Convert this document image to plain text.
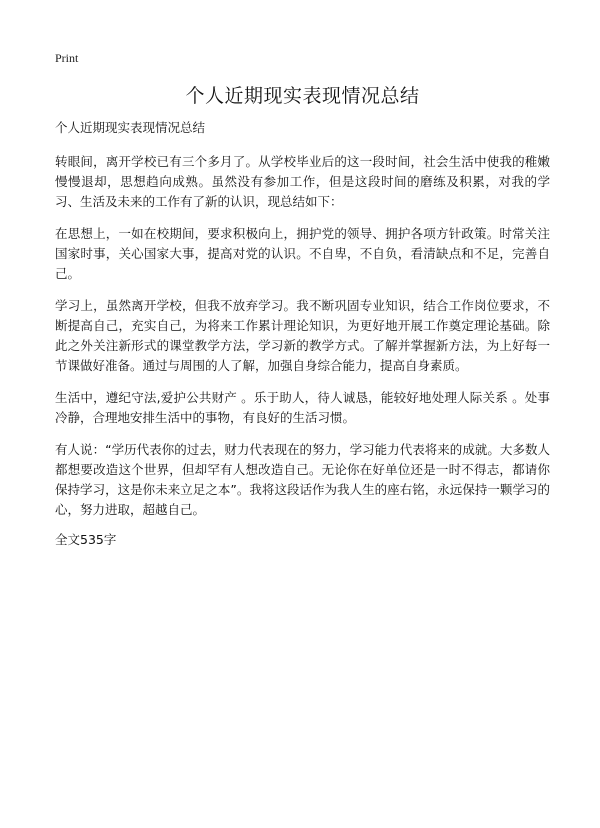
Print
个人近期现实表现情况总结
个人近期现实表现情况总结

转眼间，离开学校已有三个多月了。从学校毕业后的这一段时间，社会生活中使我的稚嫩慢慢退却，思想趋向成熟。虽然没有参加工作，但是这段时间的磨练及积累，对我的学习、生活及未来的工作有了新的认识，现总结如下：

在思想上，一如在校期间，要求积极向上，拥护党的领导、拥护各项方针政策。时常关注国家时事，关心国家大事，提高对党的认识。不自卑，不自负，看清缺点和不足，完善自己。

学习上，虽然离开学校，但我不放弃学习。我不断巩固专业知识，结合工作岗位要求，不断提高自己，充实自己，为将来工作累计理论知识，为更好地开展工作奠定理论基础。除此之外关注新形式的课堂教学方法，学习新的教学方式。了解并掌握新方法，为上好每一节课做好准备。通过与周围的人了解，加强自身综合能力，提高自身素质。

生活中，遵纪守法,爱护公共财产 。乐于助人，待人诚恳，能较好地处理人际关系 。处事冷静，合理地安排生活中的事物，有良好的生活习惯。

有人说：“学历代表你的过去，财力代表现在的努力，学习能力代表将来的成就。大多数人都想要改造这个世界，但却罕有人想改造自己。无论你在好单位还是一时不得志，都请你保持学习，这是你未来立足之本”。我将这段话作为我人生的座右铭，永远保持一颗学习的心，努力进取，超越自己。

全文535字
